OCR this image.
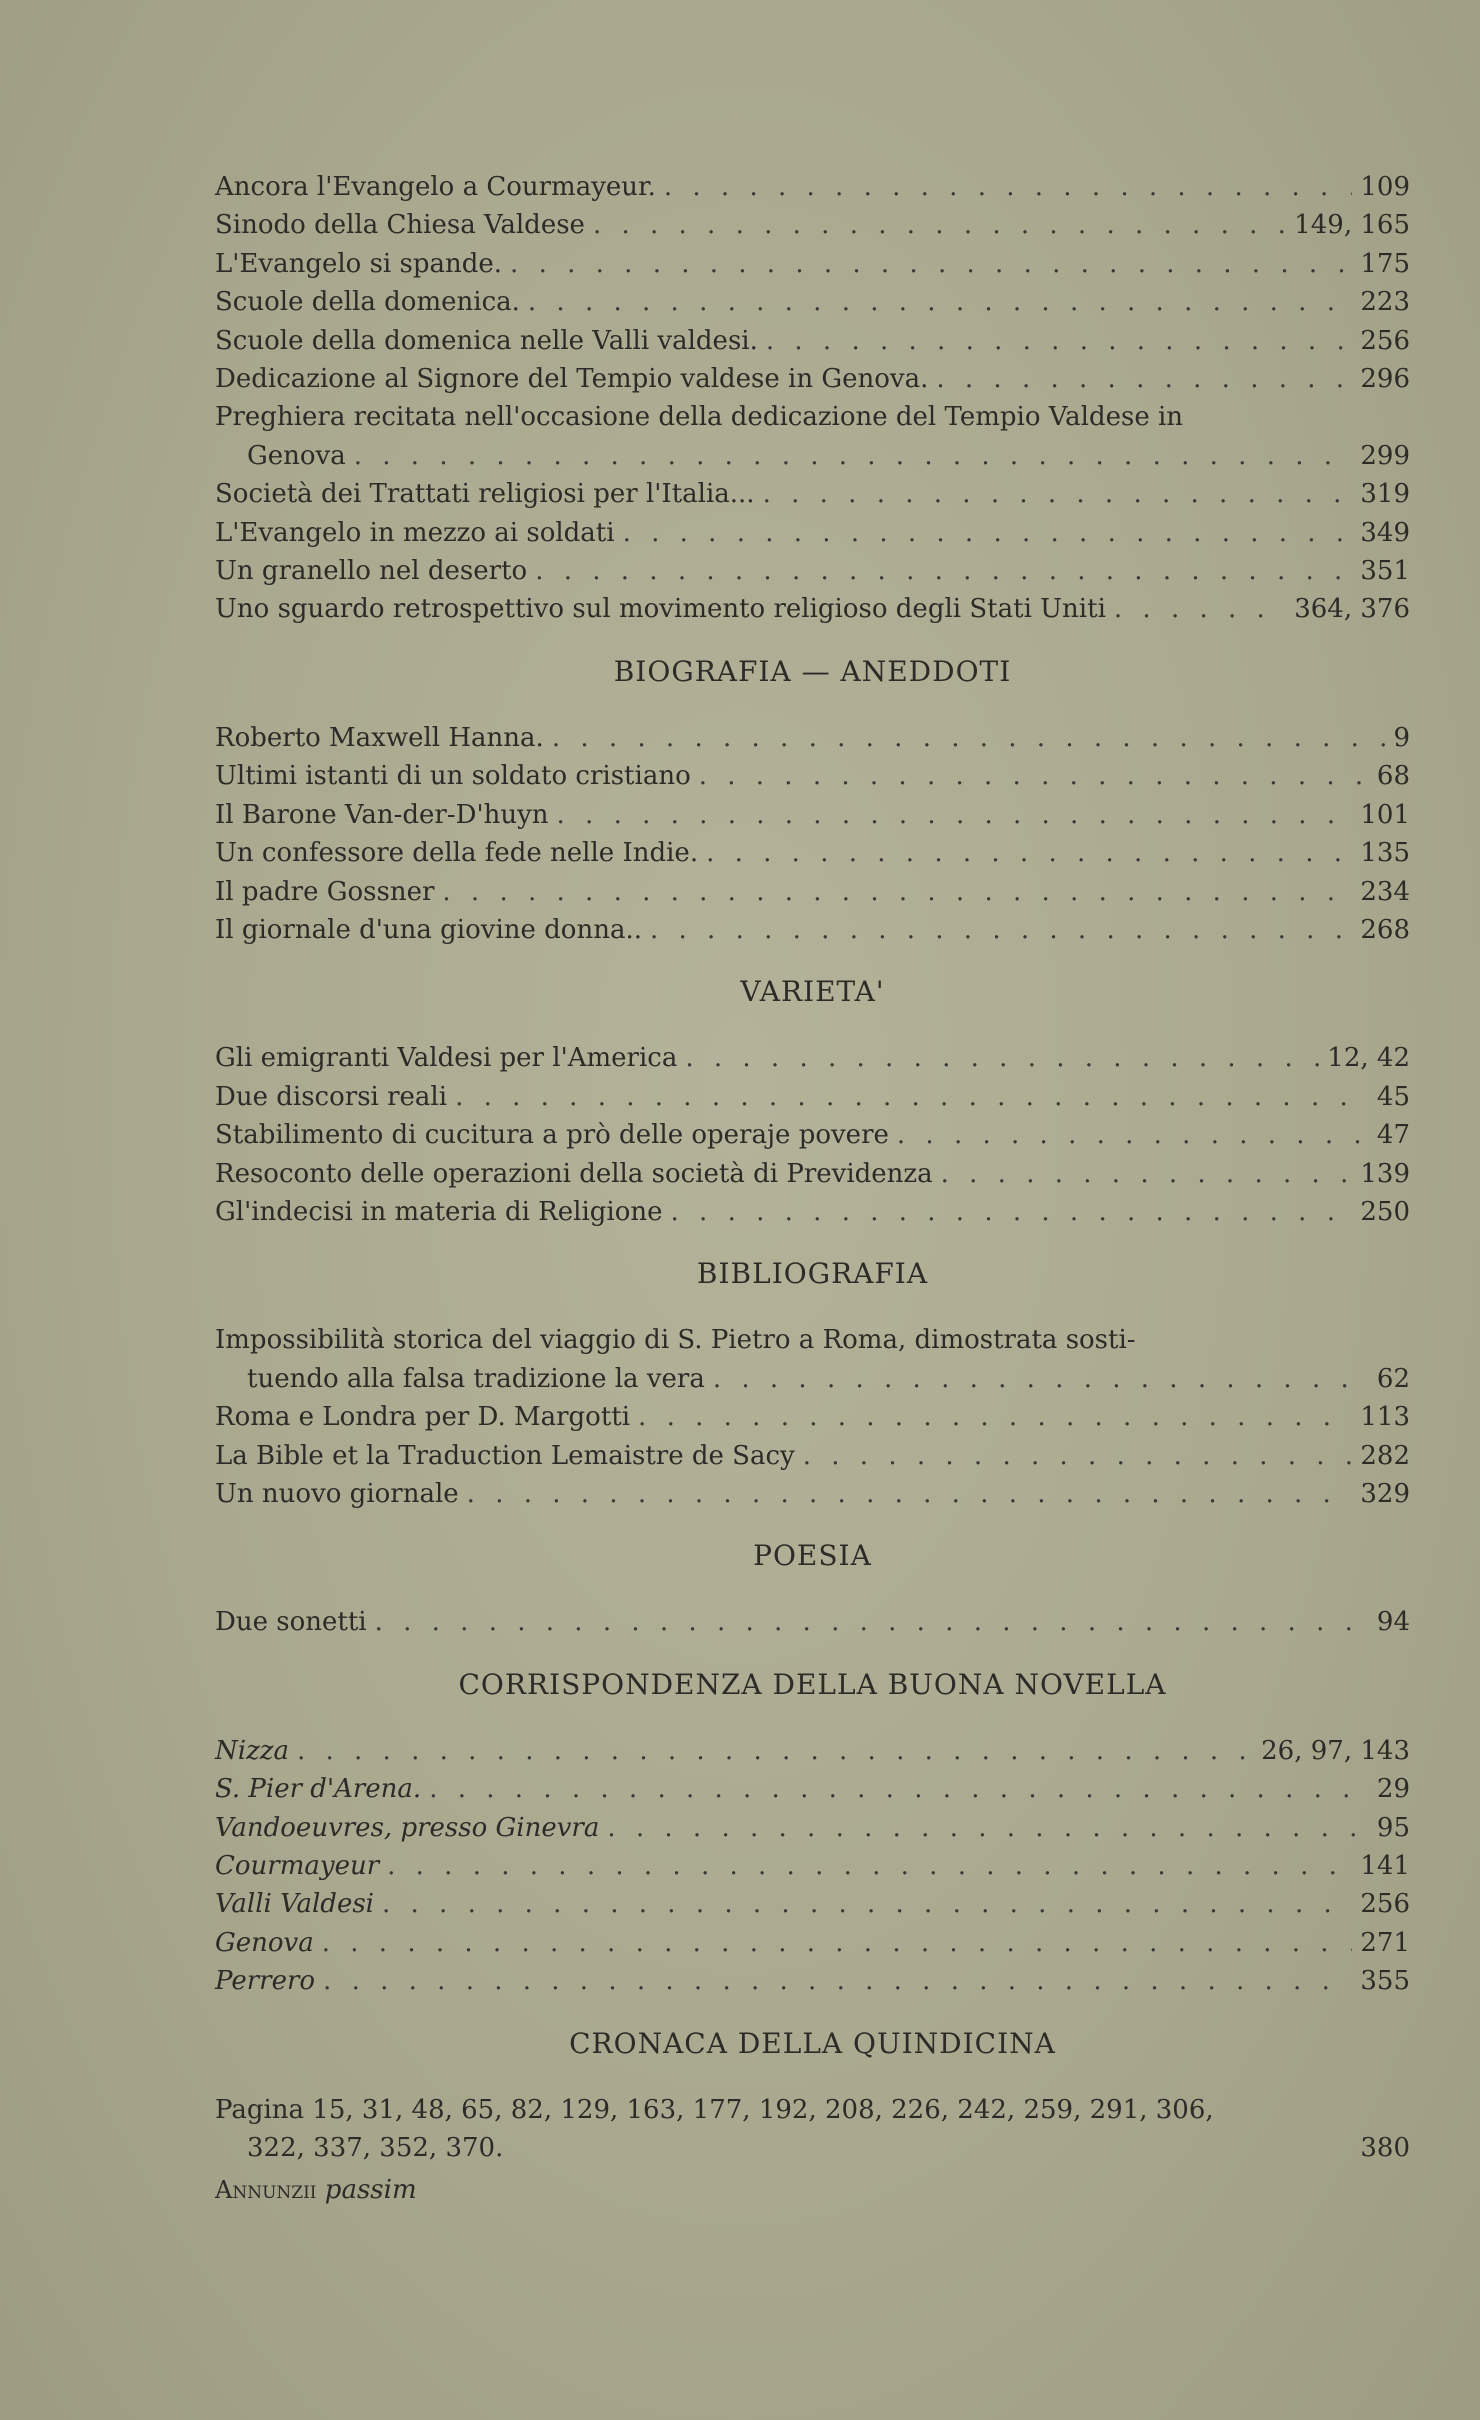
Ancora l'Evangelo a Courmayeur. . . .	109
Sinodo della Chiesa Valdese . . .	149, 165
L'Evangelo si spande. . . .	175
Scuole della domenica. . . .	223
Scuole della domenica nelle Valli valdesi. . . .	256
Dedicazione al Signore del Tempio valdese in Genova. . . .	296
Preghiera recitata nell'occasione della dedicazione del Tempio Valdese in
Genova . . .	299
Società dei Trattati religiosi per l'Italia... . . .	319
L'Evangelo in mezzo ai soldati . . .	349
Un granello nel deserto . . .	351
Uno sguardo retrospettivo sul movimento religioso degli Stati Uniti . . .	364, 376
BIOGRAFIA — ANEDDOTI
Roberto Maxwell Hanna. . . .	9
Ultimi istanti di un soldato cristiano . . .	68
Il Barone Van-der-D'huyn . . .	101
Un confessore della fede nelle Indie. . . .	135
Il padre Gossner . . .	234
Il giornale d'una giovine donna.. . . .	268
VARIETA'
Gli emigranti Valdesi per l'America . . .	12, 42
Due discorsi reali . . .	45
Stabilimento di cucitura a prò delle operaje povere . . .	47
Resoconto delle operazioni della società di Previdenza . . .	139
Gl'indecisi in materia di Religione . . .	250
BIBLIOGRAFIA
Impossibilità storica del viaggio di S. Pietro a Roma, dimostrata sosti-
tuendo alla falsa tradizione la vera . . .	62
Roma e Londra per D. Margotti . . .	113
La Bible et la Traduction Lemaistre de Sacy . . .	282
Un nuovo giornale . . .	329
POESIA
Due sonetti . . .	94
CORRISPONDENZA DELLA BUONA NOVELLA
Nizza . . .	26, 97, 143
S. Pier d'Arena. . . .	29
Vandoeuvres, presso Ginevra . . .	95
Courmayeur . . .	141
Valli Valdesi . . .	256
Genova . . .	271
Perrero . . .	355
CRONACA DELLA QUINDICINA
Pagina 15, 31, 48, 65, 82, 129, 163, 177, 192, 208, 226, 242, 259, 291, 306,
322, 337, 352, 370.	380
Annunzii passim
